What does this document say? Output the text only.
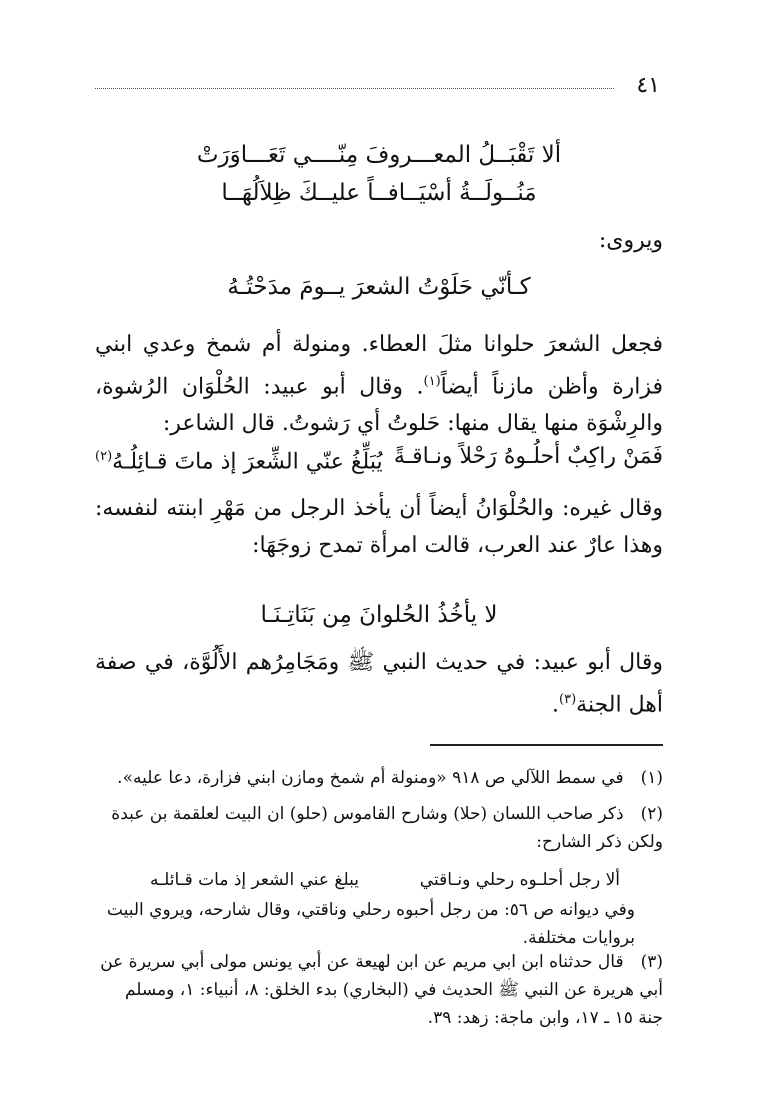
٤١
ألا تَقْبَــلُ المعـــروفَ مِنّــــي تَعَـــاوَرَتْ
مَنُــولَــةُ أسْيَــافــاً عليــكَ ظِلاَلُهَــا
ويروى:
كـأنّي حَلَوْتُ الشعرَ يــومَ مدَحْتُـهُ
فجعل الشعرَ حلوانا مثلَ العطاء. ومنولة أم شمخ وعدي ابني فزارة وأظن مازناً أيضاً$^{(١)}$. وقال أبو عبيد: الحُلْوَان الرُشوة، والرِشْوَة منها يقال منها: حَلوتُ أي رَشوتُ. قال الشاعر:
فَمَنْ راكِبٌ أحلُـوهُ رَحْلاً ونـاقـةً
يُبَلِّغُ عنّي الشِّعرَ إذ ماتَ قـائِلُـهُ$^{(٢)}$
وقال غيره: والحُلْوَانُ أيضاً أن يأخذ الرجل من مَهْرِ ابنته لنفسه: وهذا عارٌ عند العرب، قالت امرأة تمدح زوجَهَا:
لا يأخُذُ الحُلوانَ مِن بَنَاتِـنَـا
وقال أبو عبيد: في حديث النبي ﷺ ومَجَامِرُهم الأَلُوَّة، في صفة أهل الجنة$^{(٣)}$.
(١) في سمط اللآلي ص ٩١٨ «ومنولة أم شمخ ومازن ابني فزارة، دعا عليه».
(٢) ذكر صاحب اللسان (حلا) وشارح القاموس (حلو) ان البيت لعلقمة بن عبدة ولكن ذكر الشارح:
ألا رجل أحلـوه رحلي ونـاقتي
يبلغ عني الشعر إذ مات قـائلـه
وفي ديوانه ص ٥٦: من رجل أحبوه رحلي وناقتي، وقال شارحه، ويروي البيت بروايات مختلفة.
(٣) قال حدثناه ابن ابي مريم عن ابن لهيعة عن أبي يونس مولى أبي سريرة عن أبي هريرة عن النبي ﷺ الحديث في (البخاري) بدء الخلق: ٨، أنبياء: ١، ومسلم جنة ١٥ ـ ١٧، وابن ماجة: زهد: ٣٩.
